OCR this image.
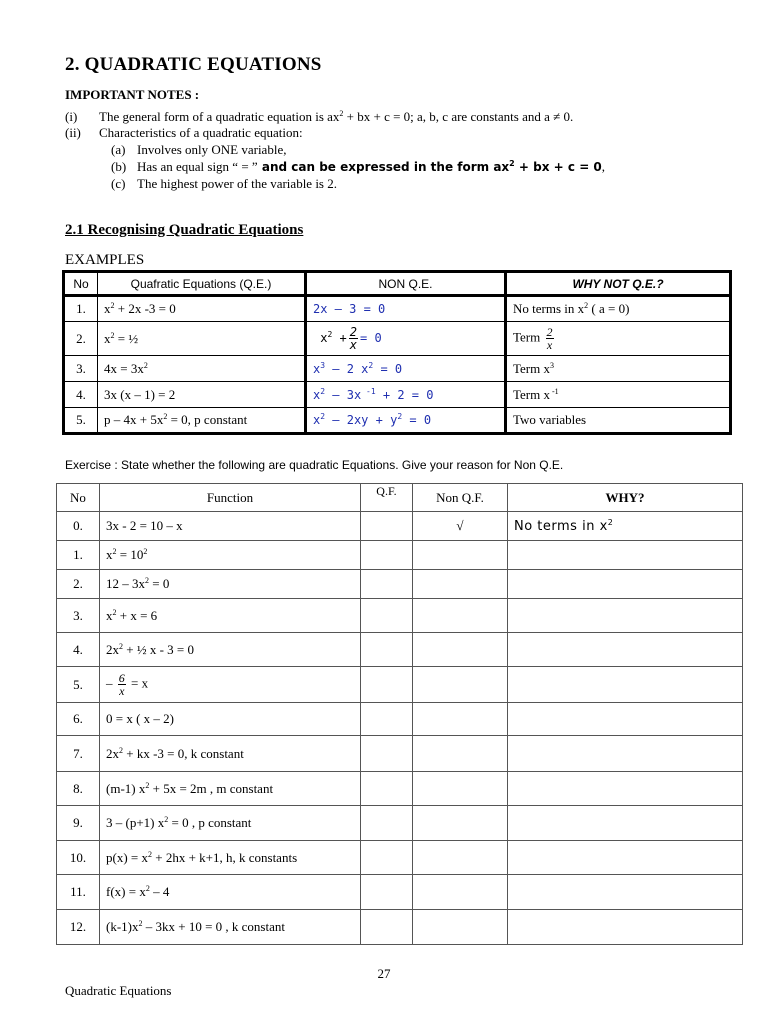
2. QUADRATIC EQUATIONS
IMPORTANT NOTES :
(i) The general form of a quadratic equation is $ax^2$ + bx + c = 0; a, b, c are constants and a ≠ 0.
(ii) Characteristics of a quadratic equation:
(a) Involves only ONE variable,
(b) Has an equal sign “ = ” and can be expressed in the form $ax^2$ + bx + c = 0,
(c) The highest power of the variable is 2.
2.1 Recognising Quadratic Equations
EXAMPLES
No	Quafratic Equations (Q.E.)	NON Q.E.	WHY NOT Q.E.?
1.	$x^2 + 2x$ -3 = 0	2x – 3 = 0	No terms in $x^2$ ( a = 0)
2.	$x^2$ = ½	$x^2 + \frac{2}{x} = 0$	Term $\frac{2}{x}$

3.	$4x = 3x^2$	$x^3 - 2$ $x^2 = 0$	Term $x^3$
4.	3x (x – 1) = 2	$x^2 - 3x$ $^{-1}$ + 2 = 0	Term x $^{-1}$
5.	$p - 4x + 5x^2 = 0$, p constant	$x^2 - 2xy + y^2 = 0$	Two variables
Exercise : State whether the following are quadratic Equations. Give your reason for Non Q.E.
No	Function	Q.F.	Non Q.F.	WHY?
0.	3x - 2 = 10 – x		√	No terms in $x^2$
1.	$x^2 = 10^2$			
2.	$12 - 3x^2 = 0$			
3.	$x^2 + x = 6$			
4.	$2x^2$ + ½ x - 3 = 0			
5.	– $\frac{6}{x} = x$			
6.	0 = x ( x – 2)			
7.	$2x^2$ + kx -3 = 0, k constant			
8.	(m-1) $x^2 + 5x = 2m$ , m constant			
9.	3 – (p+1) $x^2 = 0$ , p constant			
10.	$p(x) = x^2 + 2hx + k+1$, h, k constants			
11.	$f(x) = x^2 - 4$			
12.	$(k-1)x^2 - 3kx + 10 = 0$ , k constant			
27
Quadratic Equations
